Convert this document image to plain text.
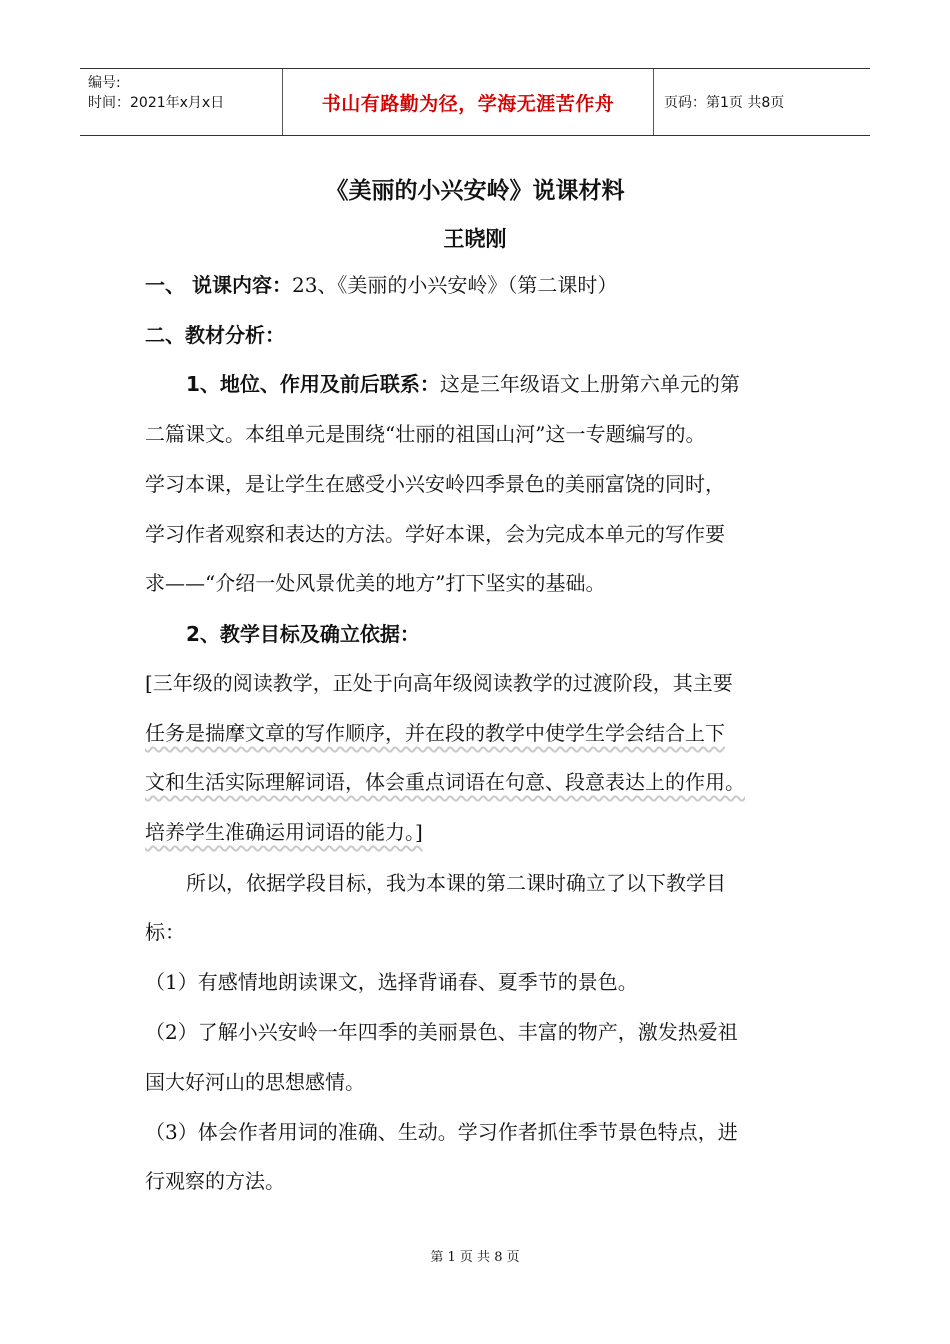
编号:
时间：2021年x月x日	书山有路勤为径，学海无涯苦作舟	页码：第1页 共8页
《美丽的小兴安岭》说课材料
王晓刚
一、 说课内容：23、《美丽的小兴安岭》（第二课时）
二、教材分析：
1、地位、作用及前后联系：这是三年级语文上册第六单元的第
二篇课文。本组单元是围绕“壮丽的祖国山河”这一专题编写的。
学习本课，是让学生在感受小兴安岭四季景色的美丽富饶的同时，
学习作者观察和表达的方法。学好本课，会为完成本单元的写作要
求——“介绍一处风景优美的地方”打下坚实的基础。
2、教学目标及确立依据：
[三年级的阅读教学，正处于向高年级阅读教学的过渡阶段，其主要
任务是揣摩文章的写作顺序，并在段的教学中使学生学会结合上下
文和生活实际理解词语，体会重点词语在句意、段意表达上的作用。
培养学生准确运用词语的能力。]
所以，依据学段目标，我为本课的第二课时确立了以下教学目
标：
（1）有感情地朗读课文，选择背诵春、夏季节的景色。
（2）了解小兴安岭一年四季的美丽景色、丰富的物产，激发热爱祖
国大好河山的思想感情。
（3）体会作者用词的准确、生动。学习作者抓住季节景色特点，进
行观察的方法。
第 1 页 共 8 页
